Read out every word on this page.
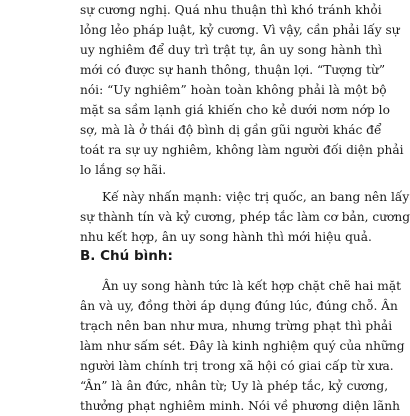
sự cương nghị. Quá nhu thuận thì khó tránh khỏi
lỏng lẻo pháp luật, kỷ cương. Vì vậy, cần phải lấy sự
uy nghiêm để duy trì trật tự, ân uy song hành thì
mới có được sự hanh thông, thuận lợi. “Tượng từ”
nói: “Uy nghiêm” hoàn toàn không phải là một bộ
mặt sa sầm lạnh giá khiến cho kẻ dưới nơm nớp lo
sợ, mà là ở thái độ bình dị gần gũi người khác để
toát ra sự uy nghiêm, không làm người đối diện phải
lo lắng sợ hãi.
Kế này nhấn mạnh: việc trị quốc, an bang nên lấy
sự thành tín và kỷ cương, phép tắc làm cơ bản, cương
nhu kết hợp, ân uy song hành thì mới hiệu quả.
B. Chú bình:
Ân uy song hành tức là kết hợp chặt chẽ hai mặt
ân và uy, đồng thời áp dụng đúng lúc, đúng chỗ. Ân
trạch nên ban như mưa, nhưng trừng phạt thì phải
làm như sấm sét. Đây là kinh nghiệm quý của những
người làm chính trị trong xã hội có giai cấp từ xưa.
“Ân” là ân đức, nhân từ; Uy là phép tắc, kỷ cương,
thưởng phạt nghiêm minh. Nói về phương diện lãnh
